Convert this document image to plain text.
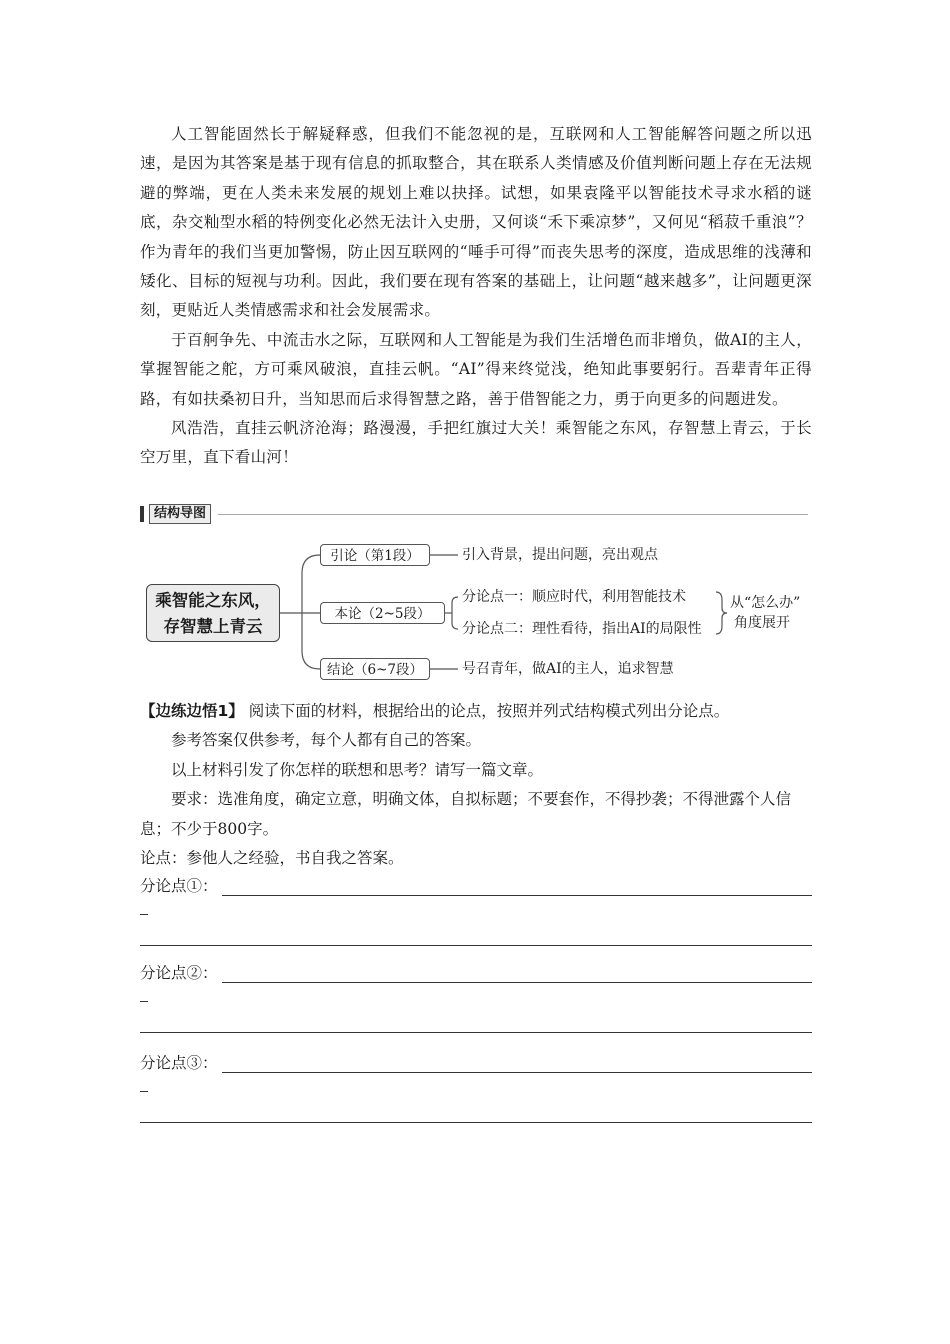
人工智能固然长于解疑释惑，但我们不能忽视的是，互联网和人工智能解答问题之所以迅速，是因为其答案是基于现有信息的抓取整合，其在联系人类情感及价值判断问题上存在无法规避的弊端，更在人类未来发展的规划上难以抉择。试想，如果袁隆平以智能技术寻求水稻的谜底，杂交籼型水稻的特例变化必然无法计入史册，又何谈“禾下乘凉梦”，又何见“稻菽千重浪”？作为青年的我们当更加警惕，防止因互联网的“唾手可得”而丧失思考的深度，造成思维的浅薄和矮化、目标的短视与功利。因此，我们要在现有答案的基础上，让问题“越来越多”，让问题更深刻，更贴近人类情感需求和社会发展需求。

于百舸争先、中流击水之际，互联网和人工智能是为我们生活增色而非增负，做AI的主人，掌握智能之舵，方可乘风破浪，直挂云帆。“AI”得来终觉浅，绝知此事要躬行。吾辈青年正得路，有如扶桑初日升，当知思而后求得智慧之路，善于借智能之力，勇于向更多的问题进发。

风浩浩，直挂云帆济沧海；路漫漫，手把红旗过大关！乘智能之东风，存智慧上青云，于长空万里，直下看山河！

结构导图
乘智能之东风，
存智慧上青云
引论（第1段）	引入背景，提出问题，亮出观点
本论（2~5段）
分论点一：顺应时代，利用智能技术
分论点二：理性看待，指出AI的局限性
从“怎么办”
角度展开
结论（6~7段）	号召青年，做AI的主人，追求智慧

【边练边悟1】 阅读下面的材料，根据给出的论点，按照并列式结构模式列出分论点。

参考答案仅供参考，每个人都有自己的答案。

以上材料引发了你怎样的联想和思考？请写一篇文章。

要求：选准角度，确定立意，明确文体，自拟标题；不要套作，不得抄袭；不得泄露个人信息；不少于800字。

论点：参他人之经验，书自我之答案。

分论点①：
分论点②：
分论点③：
